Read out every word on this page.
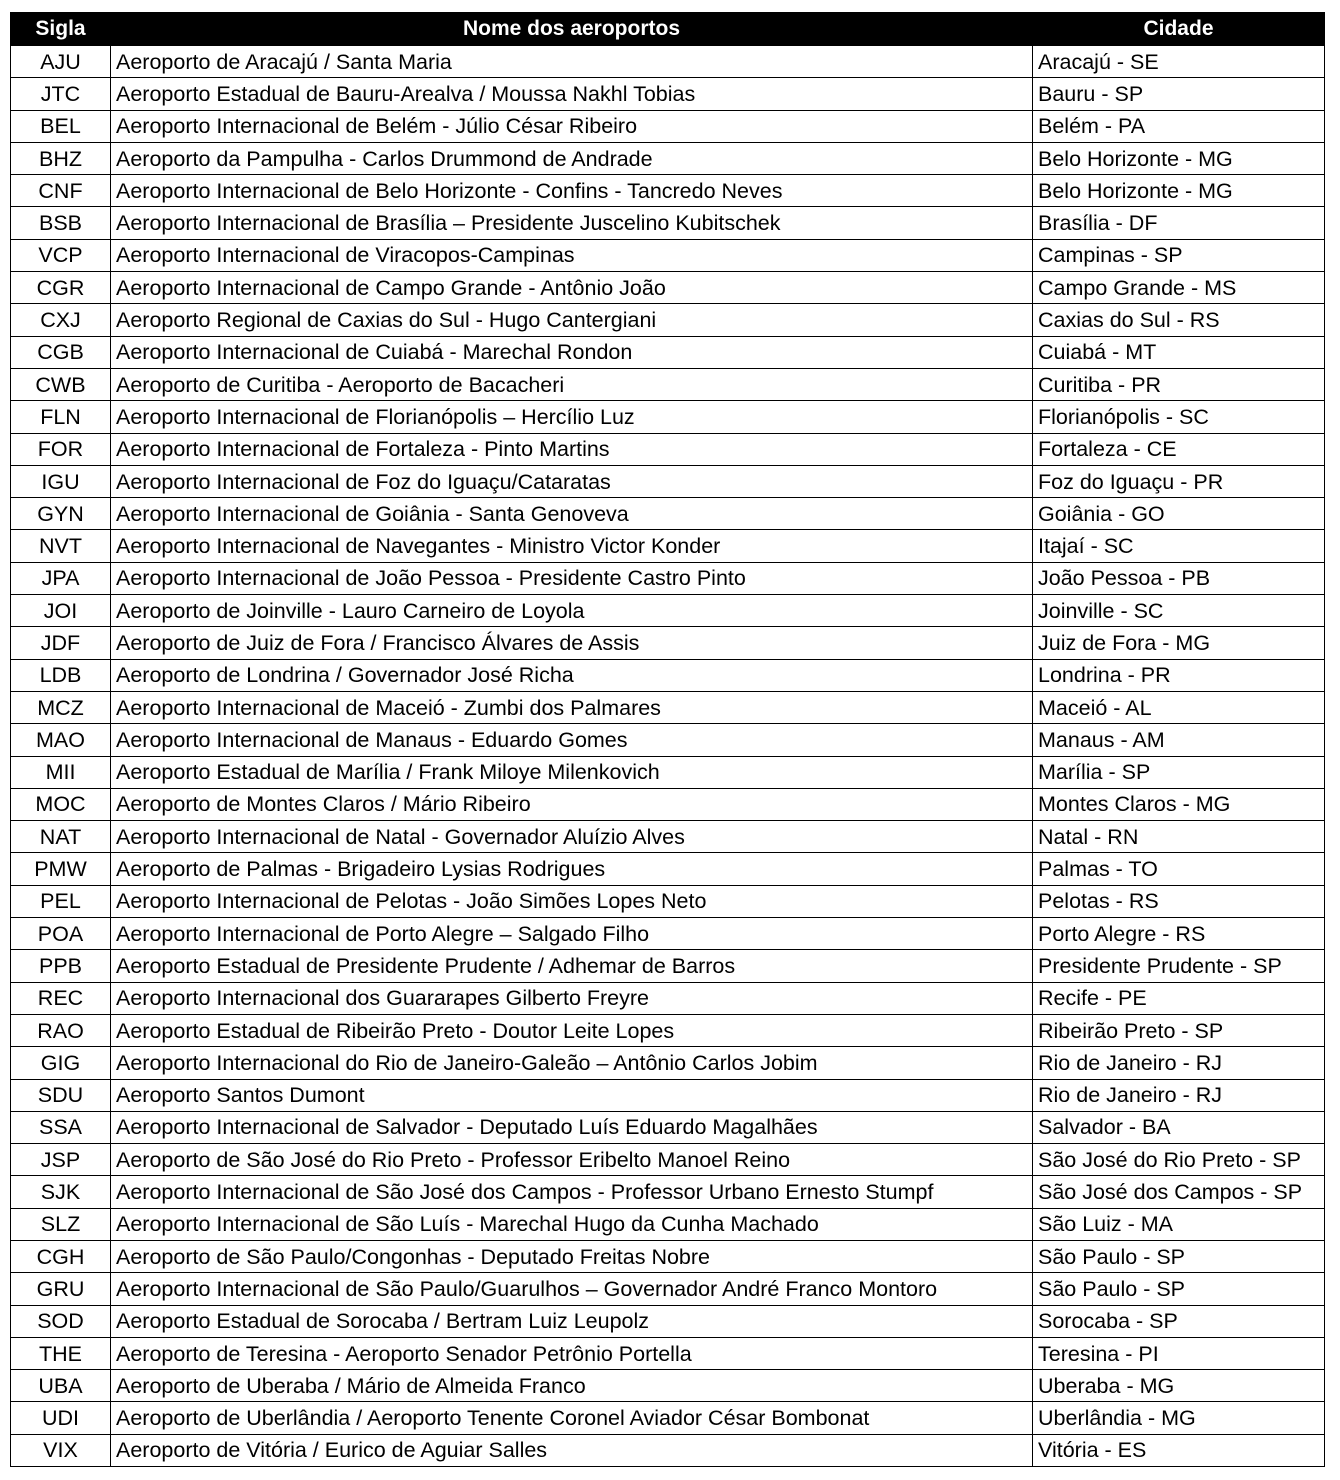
Sigla	Nome dos aeroportos	Cidade
AJU	Aeroporto de Aracajú / Santa Maria	Aracajú - SE
JTC	Aeroporto Estadual de Bauru-Arealva / Moussa Nakhl Tobias	Bauru - SP
BEL	Aeroporto Internacional de Belém - Júlio César Ribeiro	Belém - PA
BHZ	Aeroporto da Pampulha - Carlos Drummond de Andrade	Belo Horizonte - MG
CNF	Aeroporto Internacional de Belo Horizonte - Confins - Tancredo Neves	Belo Horizonte - MG
BSB	Aeroporto Internacional de Brasília – Presidente Juscelino Kubitschek	Brasília - DF
VCP	Aeroporto Internacional de Viracopos-Campinas	Campinas - SP
CGR	Aeroporto Internacional de Campo Grande - Antônio João	Campo Grande - MS
CXJ	Aeroporto Regional de Caxias do Sul - Hugo Cantergiani	Caxias do Sul - RS
CGB	Aeroporto Internacional de Cuiabá - Marechal Rondon	Cuiabá - MT
CWB	Aeroporto de Curitiba - Aeroporto de Bacacheri	Curitiba - PR
FLN	Aeroporto Internacional de Florianópolis – Hercílio Luz	Florianópolis - SC
FOR	Aeroporto Internacional de Fortaleza - Pinto Martins	Fortaleza - CE
IGU	Aeroporto Internacional de Foz do Iguaçu/Cataratas	Foz do Iguaçu - PR
GYN	Aeroporto Internacional de Goiânia - Santa Genoveva	Goiânia - GO
NVT	Aeroporto Internacional de Navegantes - Ministro Victor Konder	Itajaí - SC
JPA	Aeroporto Internacional de João Pessoa - Presidente Castro Pinto	João Pessoa - PB
JOI	Aeroporto de Joinville - Lauro Carneiro de Loyola	Joinville - SC
JDF	Aeroporto de Juiz de Fora / Francisco Álvares de Assis	Juiz de Fora - MG
LDB	Aeroporto de Londrina / Governador José Richa	Londrina - PR
MCZ	Aeroporto Internacional de Maceió - Zumbi dos Palmares	Maceió - AL
MAO	Aeroporto Internacional de Manaus - Eduardo Gomes	Manaus - AM
MII	Aeroporto Estadual de Marília / Frank Miloye Milenkovich	Marília - SP
MOC	Aeroporto de Montes Claros / Mário Ribeiro	Montes Claros - MG
NAT	Aeroporto Internacional de Natal - Governador Aluízio Alves	Natal - RN
PMW	Aeroporto de Palmas - Brigadeiro Lysias Rodrigues	Palmas - TO
PEL	Aeroporto Internacional de Pelotas - João Simões Lopes Neto	Pelotas - RS
POA	Aeroporto Internacional de Porto Alegre – Salgado Filho	Porto Alegre - RS
PPB	Aeroporto Estadual de Presidente Prudente / Adhemar de Barros	Presidente Prudente - SP
REC	Aeroporto Internacional dos Guararapes Gilberto Freyre	Recife - PE
RAO	Aeroporto Estadual de Ribeirão Preto - Doutor Leite Lopes	Ribeirão Preto - SP
GIG	Aeroporto Internacional do Rio de Janeiro-Galeão – Antônio Carlos Jobim	Rio de Janeiro - RJ
SDU	Aeroporto Santos Dumont	Rio de Janeiro - RJ
SSA	Aeroporto Internacional de Salvador - Deputado Luís Eduardo Magalhães	Salvador - BA
JSP	Aeroporto de São José do Rio Preto - Professor Eribelto Manoel Reino	São José do Rio Preto - SP
SJK	Aeroporto Internacional de São José dos Campos - Professor Urbano Ernesto Stumpf	São José dos Campos - SP
SLZ	Aeroporto Internacional de São Luís - Marechal Hugo da Cunha Machado	São Luiz - MA
CGH	Aeroporto de São Paulo/Congonhas - Deputado Freitas Nobre	São Paulo - SP
GRU	Aeroporto Internacional de São Paulo/Guarulhos – Governador André Franco Montoro	São Paulo - SP
SOD	Aeroporto Estadual de Sorocaba / Bertram Luiz Leupolz	Sorocaba - SP
THE	Aeroporto de Teresina - Aeroporto Senador Petrônio Portella	Teresina - PI
UBA	Aeroporto de Uberaba / Mário de Almeida Franco	Uberaba - MG
UDI	Aeroporto de Uberlândia / Aeroporto Tenente Coronel Aviador César Bombonat	Uberlândia - MG
VIX	Aeroporto de Vitória / Eurico de Aguiar Salles	Vitória - ES
